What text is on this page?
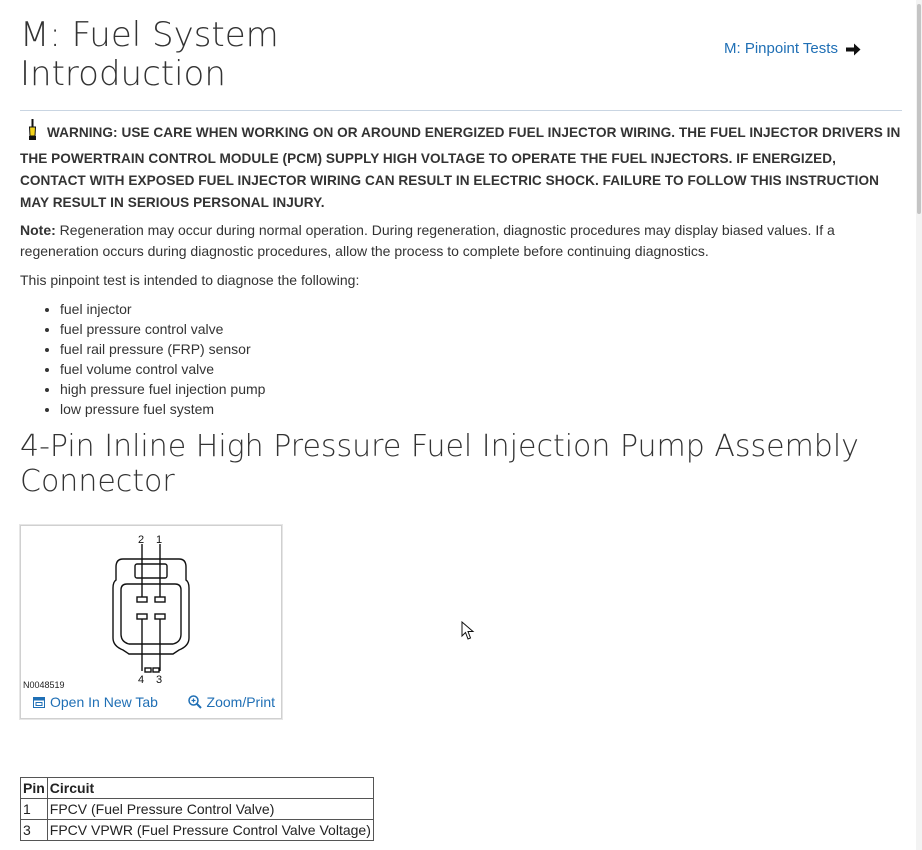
M: Fuel System Introduction
M: Pinpoint Tests

WARNING: USE CARE WHEN WORKING ON OR AROUND ENERGIZED FUEL INJECTOR WIRING. THE FUEL INJECTOR DRIVERS IN THE POWERTRAIN CONTROL MODULE (PCM) SUPPLY HIGH VOLTAGE TO OPERATE THE FUEL INJECTORS. IF ENERGIZED, CONTACT WITH EXPOSED FUEL INJECTOR WIRING CAN RESULT IN ELECTRIC SHOCK. FAILURE TO FOLLOW THIS INSTRUCTION MAY RESULT IN SERIOUS PERSONAL INJURY.

Note: Regeneration may occur during normal operation. During regeneration, diagnostic procedures may display biased values. If a regeneration occurs during diagnostic procedures, allow the process to complete before continuing diagnostics.

This pinpoint test is intended to diagnose the following:

• fuel injector
• fuel pressure control valve
• fuel rail pressure (FRP) sensor
• fuel volume control valve
• high pressure fuel injection pump
• low pressure fuel system
4-Pin Inline High Pressure Fuel Injection Pump Assembly Connector
2 1
4 3
N0048519
Open In New Tab	Zoom/Print
Pin	Circuit
1	FPCV (Fuel Pressure Control Valve)
3	FPCV VPWR (Fuel Pressure Control Valve Voltage)
